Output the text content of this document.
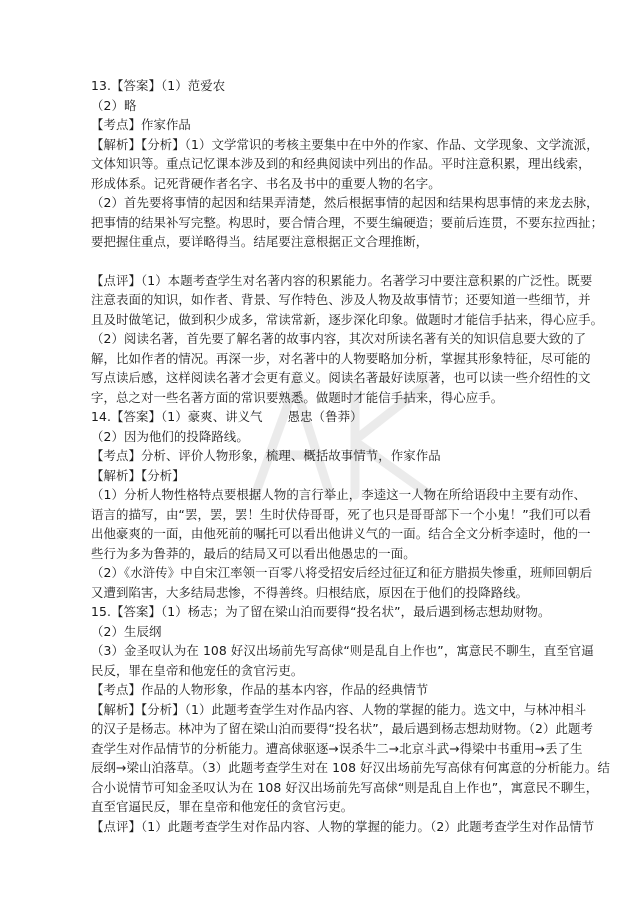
13.【答案】（1）范爱农
（2）略
【考点】作家作品
【解析】【分析】（1）文学常识的考核主要集中在中外的作家、作品、文学现象、文学流派，
文体知识等。重点记忆课本涉及到的和经典阅读中列出的作品。平时注意积累，理出线索，
形成体系。记死背硬作者名字、书名及书中的重要人物的名字。
（2）首先要将事情的起因和结果弄清楚，然后根据事情的起因和结果构思事情的来龙去脉，
把事情的结果补写完整。构思时，要合情合理，不要生编硬造；要前后连贯，不要东拉西扯；
要把握住重点，要详略得当。结尾要注意根据正文合理推断，
【点评】（1）本题考查学生对名著内容的积累能力。名著学习中要注意积累的广泛性。既要
注意表面的知识，如作者、背景、写作特色、涉及人物及故事情节；还要知道一些细节，并
且及时做笔记，做到积少成多，常读常新，逐步深化印象。做题时才能信手拈来，得心应手。
（2）阅读名著，首先要了解名著的故事内容，其次对所读名著有关的知识信息要大致的了
解，比如作者的情况。再深一步，对名著中的人物要略加分析，掌握其形象特征，尽可能的
写点读后感，这样阅读名著才会更有意义。阅读名著最好读原著，也可以读一些介绍性的文
字，总之对一些名著方面的常识要熟悉。做题时才能信手拈来，得心应手。
14.【答案】（1）豪爽、讲义气　　愚忠（鲁莽）
（2）因为他们的投降路线。
【考点】分析、评价人物形象，梳理、概括故事情节，作家作品
【解析】【分析】
（1）分析人物性格特点要根据人物的言行举止，李逵这一人物在所给语段中主要有动作、
语言的描写，由“罢，罢，罢！生时伏侍哥哥，死了也只是哥哥部下一个小鬼！”我们可以看
出他豪爽的一面，由他死前的嘱托可以看出他讲义气的一面。结合全文分析李逵时，他的一
些行为多为鲁莽的，最后的结局又可以看出他愚忠的一面。
（2）《水浒传》中自宋江率领一百零八将受招安后经过征辽和征方腊损失惨重，班师回朝后
又遭到陷害，大多结局悲惨，不得善终。归根结底，原因在于他们的投降路线。
15.【答案】（1）杨志；为了留在梁山泊而要得“投名状”，最后遇到杨志想劫财物。
（2）生辰纲
（3）金圣叹认为在 108 好汉出场前先写高俅“则是乱自上作也”，寓意民不聊生，直至官逼
民反，罪在皇帝和他宠任的贪官污吏。
【考点】作品的人物形象，作品的基本内容，作品的经典情节
【解析】【分析】（1）此题考查学生对作品内容、人物的掌握的能力。选文中，与林冲相斗
的汉子是杨志。林冲为了留在梁山泊而要得“投名状”，最后遇到杨志想劫财物。（2）此题考
查学生对作品情节的分析能力。遭高俅驱逐→误杀牛二→北京斗武→得梁中书重用→丢了生
辰纲→梁山泊落草。（3）此题考查学生对在 108 好汉出场前先写高俅有何寓意的分析能力。结
合小说情节可知金圣叹认为在 108 好汉出场前先写高俅“则是乱自上作也”，寓意民不聊生，
直至官逼民反，罪在皇帝和他宠任的贪官污吏。
【点评】（1）此题考查学生对作品内容、人物的掌握的能力。（2）此题考查学生对作品情节
